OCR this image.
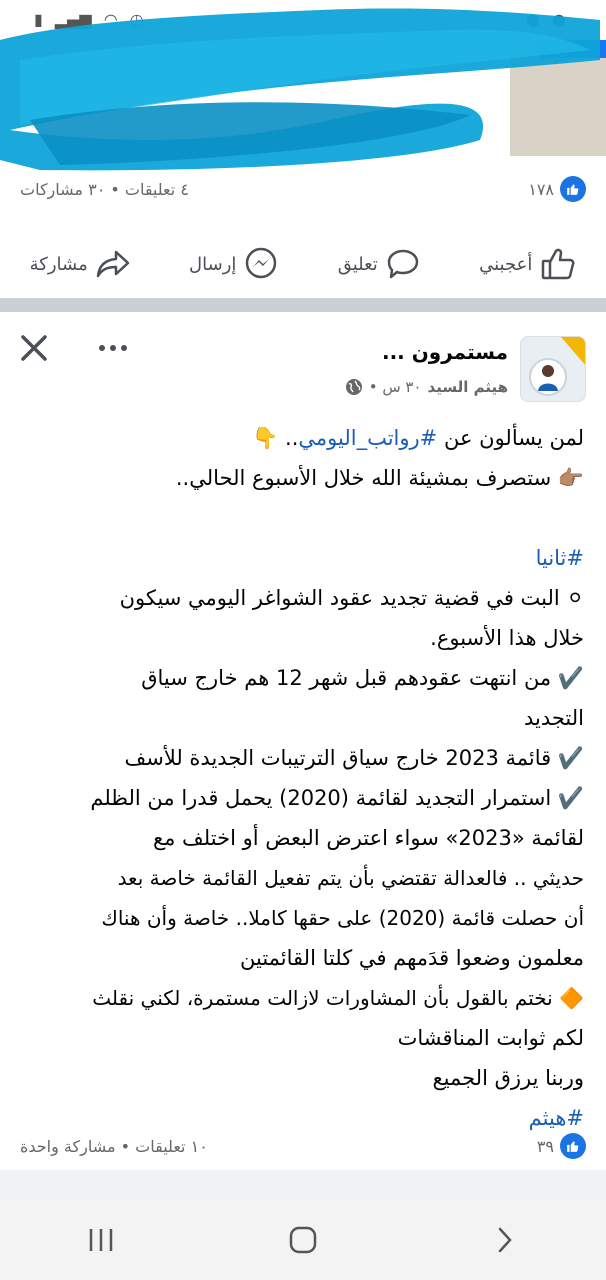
▮ ▂▄▆ ◠ ◷
٤ تعليقات • ٣٠ مشاركات	١٧٨
مشاركة	إرسال	تعليق	أعجبني
مستمرون ...
هيثم السيد
٣٠ س •
لمن يسألون عن #رواتب_اليومي.. 👇
👉🏽 ستصرف بمشيئة الله خلال الأسبوع الحالي..
#ثانيا
⚪ البت في قضية تجديد عقود الشواغر اليومي سيكون
خلال هذا الأسبوع.
✔️ من انتهت عقودهم قبل شهر 12 هم خارج سياق
التجديد
✔️ قائمة 2023 خارج سياق الترتيبات الجديدة للأسف
✔️ استمرار التجديد لقائمة (2020) يحمل قدرا من الظلم
لقائمة «2023» سواء اعترض البعض أو اختلف مع
حديثي .. فالعدالة تقتضي بأن يتم تفعيل القائمة خاصة بعد
أن حصلت قائمة (2020) على حقها كاملا.. خاصة وأن هناك
معلمون وضعوا قدَمهم في كلتا القائمتين
🔶 نختم بالقول بأن المشاورات لازالت مستمرة، لكني نقلث
لكم ثوابت المناقشات
وربنا يرزق الجميع
#هيثم
١٠ تعليقات • مشاركة واحدة	٣٩
